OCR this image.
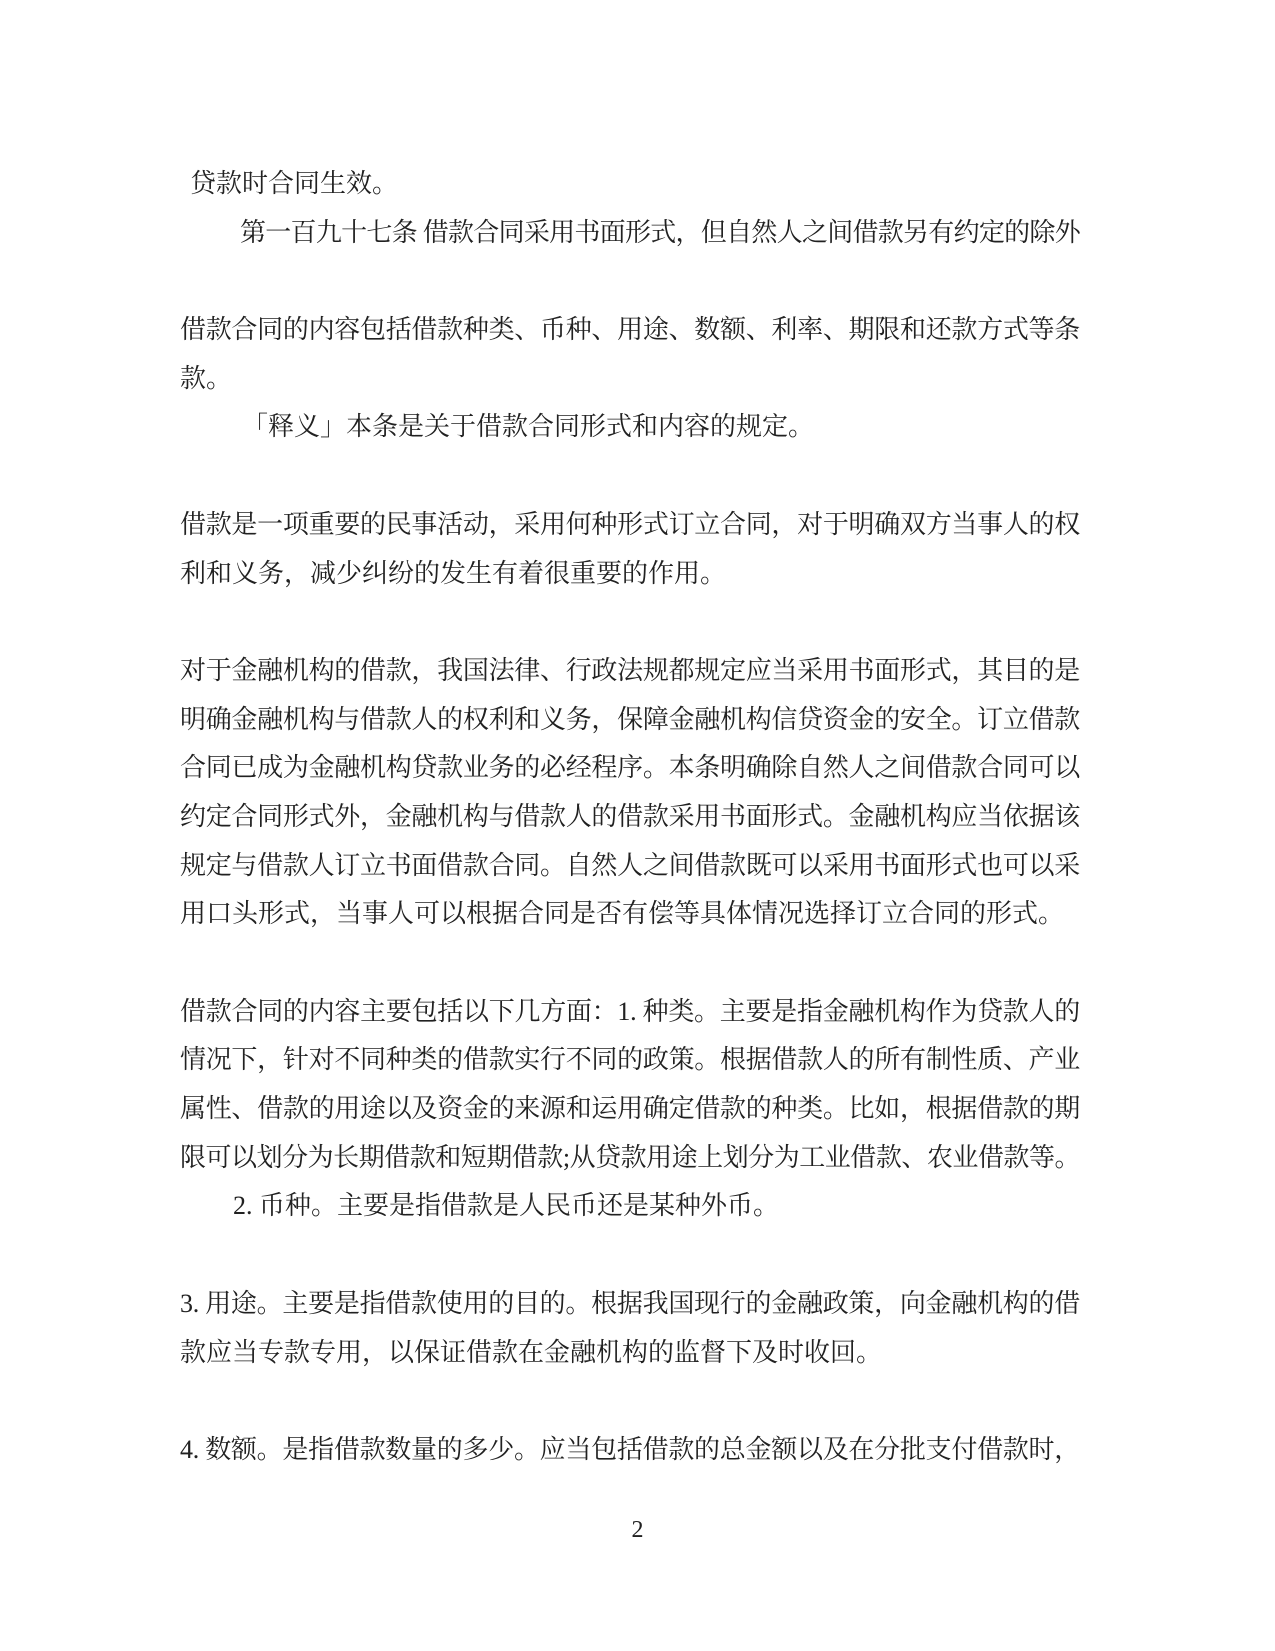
贷款时合同生效。
第一百九十七条 借款合同采用书面形式，但自然人之间借款另有约定的除外
借款合同的内容包括借款种类、币种、用途、数额、利率、期限和还款方式等条
款。
「释义」本条是关于借款合同形式和内容的规定。
借款是一项重要的民事活动，采用何种形式订立合同，对于明确双方当事人的权
利和义务，减少纠纷的发生有着很重要的作用。
对于金融机构的借款，我国法律、行政法规都规定应当采用书面形式，其目的是
明确金融机构与借款人的权利和义务，保障金融机构信贷资金的安全。订立借款
合同已成为金融机构贷款业务的必经程序。本条明确除自然人之间借款合同可以
约定合同形式外，金融机构与借款人的借款采用书面形式。金融机构应当依据该
规定与借款人订立书面借款合同。自然人之间借款既可以采用书面形式也可以采
用口头形式，当事人可以根据合同是否有偿等具体情况选择订立合同的形式。
借款合同的内容主要包括以下几方面：1. 种类。主要是指金融机构作为贷款人的
情况下，针对不同种类的借款实行不同的政策。根据借款人的所有制性质、产业
属性、借款的用途以及资金的来源和运用确定借款的种类。比如，根据借款的期
限可以划分为长期借款和短期借款;从贷款用途上划分为工业借款、农业借款等。
2. 币种。主要是指借款是人民币还是某种外币。
3. 用途。主要是指借款使用的目的。根据我国现行的金融政策，向金融机构的借
款应当专款专用，以保证借款在金融机构的监督下及时收回。
4. 数额。是指借款数量的多少。应当包括借款的总金额以及在分批支付借款时，
2
